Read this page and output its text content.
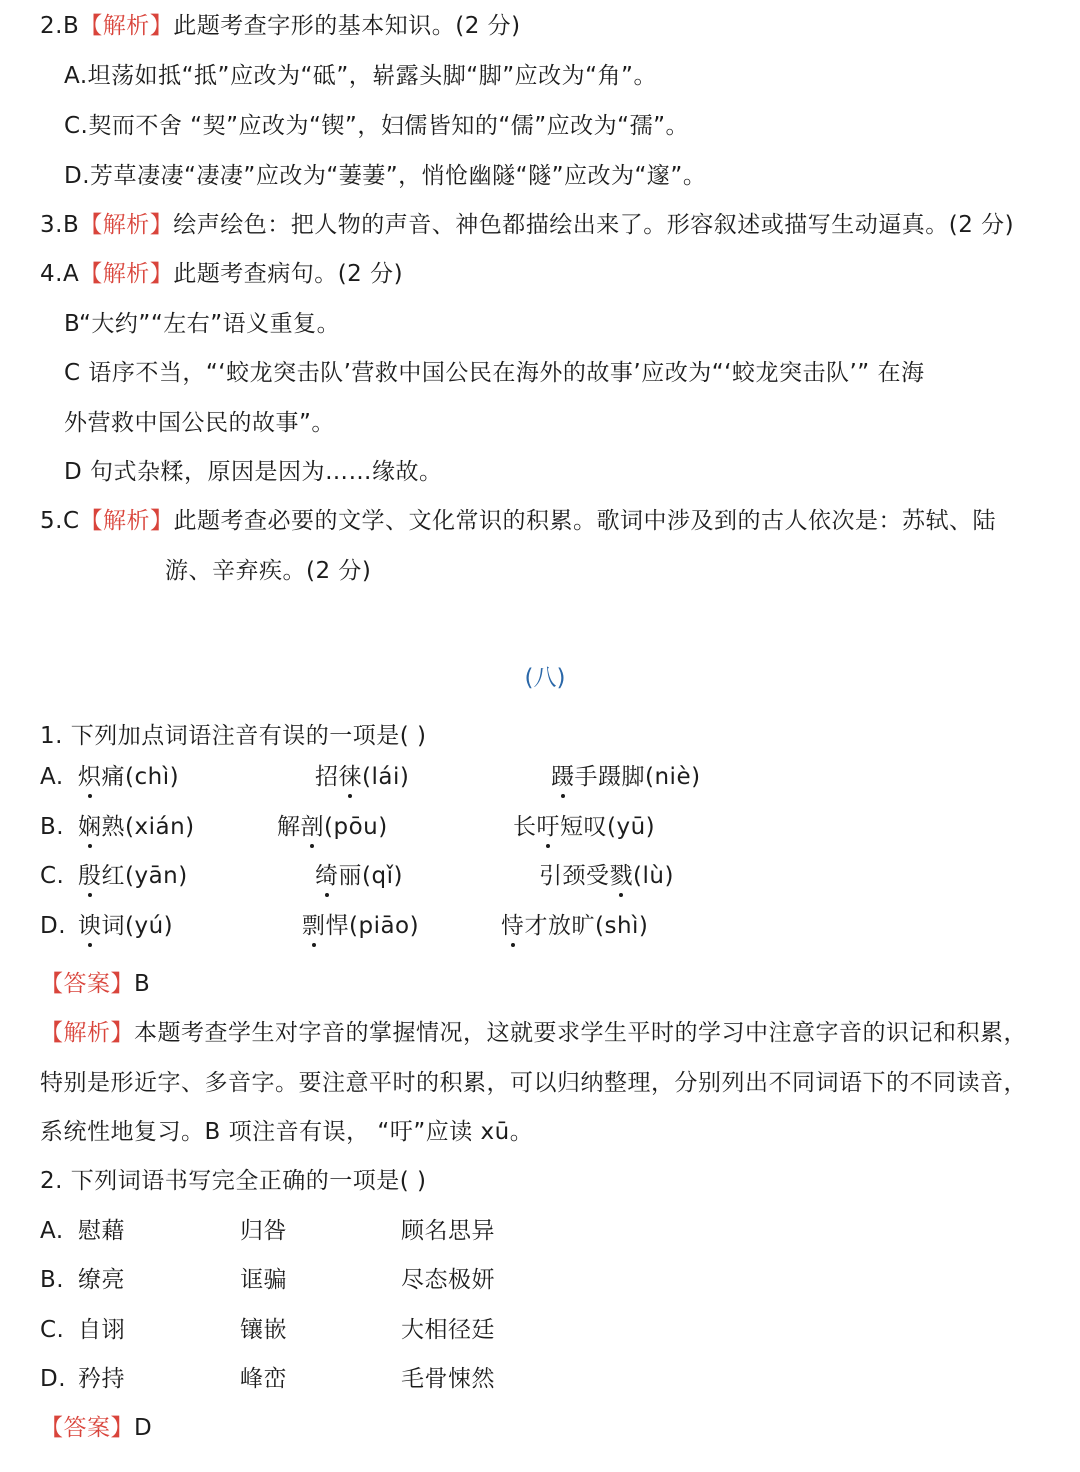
2.B【解析】此题考查字形的基本知识。(2 分)
A.坦荡如抵“抵”应改为“砥”，崭露头脚“脚”应改为“角”。
C.契而不舍 “契”应改为“锲”，妇儒皆知的“儒”应改为“孺”。
D.芳草凄凄“凄凄”应改为“萋萋”，悄怆幽隧“隧”应改为“邃”。
3.B【解析】绘声绘色：把人物的声音、神色都描绘出来了。形容叙述或描写生动逼真。(2 分)
4.A【解析】此题考查病句。(2 分)
B“大约”“左右”语义重复。
C 语序不当，“‘蛟龙突击队’营救中国公民在海外的故事’应改为“‘蛟龙突击队’” 在海
外营救中国公民的故事”。
D 句式杂糅，原因是因为……缘故。
5.C【解析】此题考查必要的文学、文化常识的积累。歌词中涉及到的古人依次是：苏轼、陆
游、辛弃疾。(2 分)
(八)
1. 下列加点词语注音有误的一项是( )
A. 炽痛(chì)	招徕(lái)	蹑手蹑脚(niè)
B. 娴熟(xián)	解剖(pōu)	长吁短叹(yū)
C. 殷红(yān)	绮丽(qǐ)	引颈受戮(lù)
D. 谀词(yú)	剽悍(piāo)	恃才放旷(shì)
【答案】B
【解析】本题考查学生对字音的掌握情况，这就要求学生平时的学习中注意字音的识记和积累，
特别是形近字、多音字。要注意平时的积累，可以归纳整理，分别列出不同词语下的不同读音，
系统性地复习。B 项注音有误， “吁”应读 xū。
2. 下列词语书写完全正确的一项是( )
A. 慰藉	归咎	顾名思异
B. 缭亮	诓骗	尽态极妍
C. 自诩	镶嵌	大相径廷
D. 矜持	峰峦	毛骨悚然
【答案】D
